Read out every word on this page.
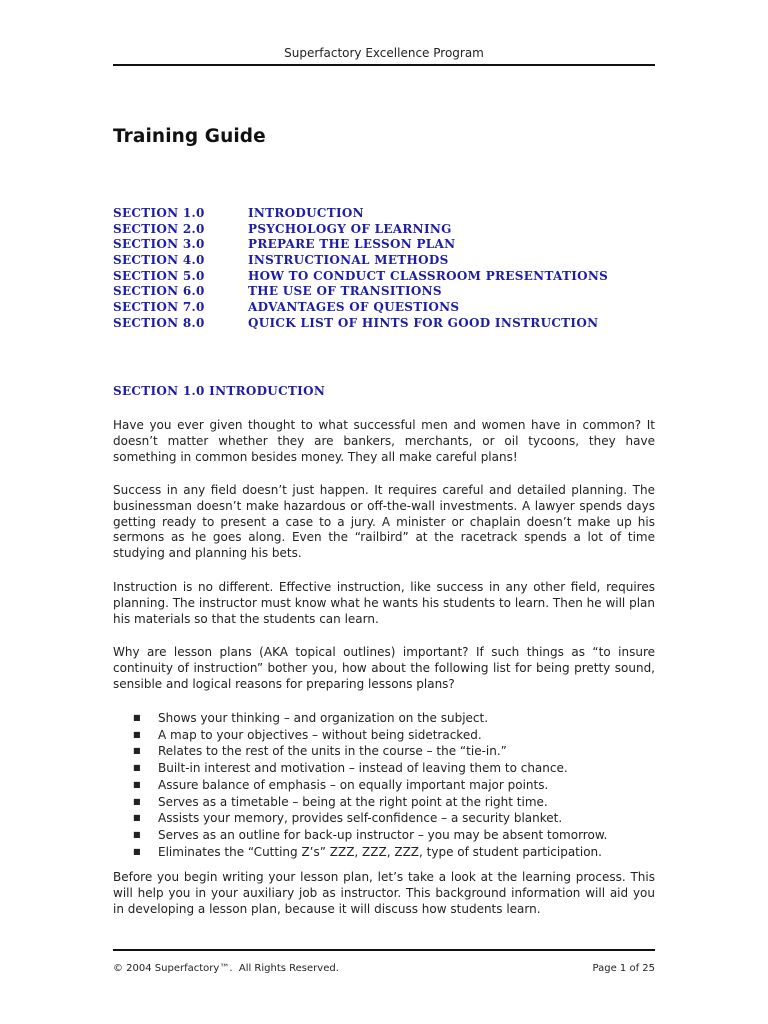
Superfactory Excellence Program
Training Guide
SECTION 1.0	INTRODUCTION
SECTION 2.0	PSYCHOLOGY OF LEARNING
SECTION 3.0	PREPARE THE LESSON PLAN
SECTION 4.0	INSTRUCTIONAL METHODS
SECTION 5.0	HOW TO CONDUCT CLASSROOM PRESENTATIONS
SECTION 6.0	THE USE OF TRANSITIONS
SECTION 7.0	ADVANTAGES OF QUESTIONS
SECTION 8.0	QUICK LIST OF HINTS FOR GOOD INSTRUCTION
SECTION 1.0 INTRODUCTION

Have you ever given thought to what successful men and women have in common? It doesn’t matter whether they are bankers, merchants, or oil tycoons, they have something in common besides money. They all make careful plans!

Success in any field doesn’t just happen. It requires careful and detailed planning. The businessman doesn’t make hazardous or off-the-wall investments. A lawyer spends days getting ready to present a case to a jury. A minister or chaplain doesn’t make up his sermons as he goes along. Even the “railbird” at the racetrack spends a lot of time studying and planning his bets.

Instruction is no different. Effective instruction, like success in any other field, requires planning. The instructor must know what he wants his students to learn. Then he will plan his materials so that the students can learn.

Why are lesson plans (AKA topical outlines) important? If such things as “to insure continuity of instruction” bother you, how about the following list for being pretty sound, sensible and logical reasons for preparing lessons plans?

■ Shows your thinking – and organization on the subject.
■ A map to your objectives – without being sidetracked.
■ Relates to the rest of the units in the course – the “tie-in.”
■ Built-in interest and motivation – instead of leaving them to chance.
■ Assure balance of emphasis – on equally important major points.
■ Serves as a timetable – being at the right point at the right time.
■ Assists your memory, provides self-confidence – a security blanket.
■ Serves as an outline for back-up instructor – you may be absent tomorrow.
■ Eliminates the “Cutting Z’s” ZZZ, ZZZ, ZZZ, type of student participation.

Before you begin writing your lesson plan, let’s take a look at the learning process. This will help you in your auxiliary job as instructor. This background information will aid you in developing a lesson plan, because it will discuss how students learn.

© 2004 Superfactory™.  All Rights Reserved.	Page 1 of 25
